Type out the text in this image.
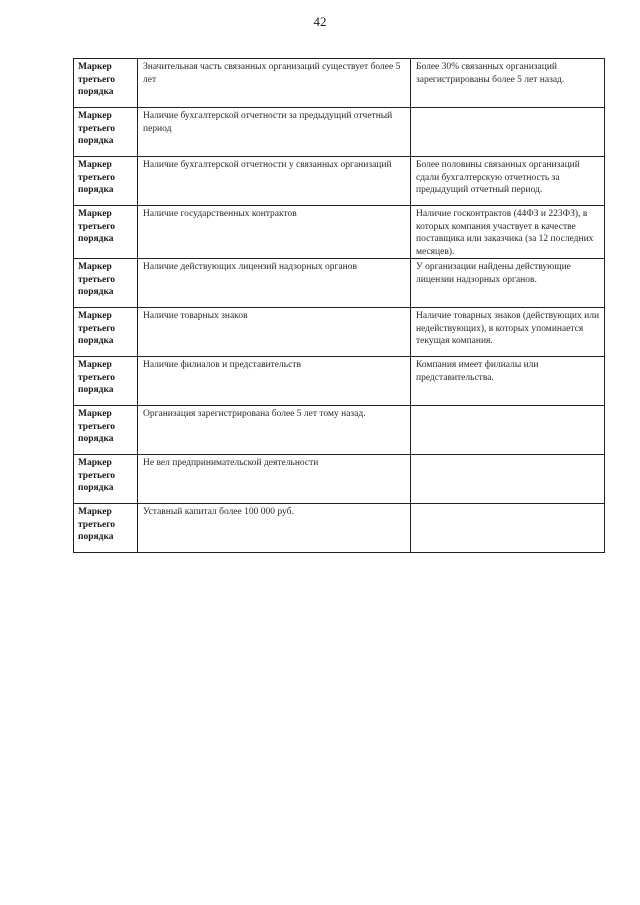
42
Маркер третьего порядка	Значительная часть связанных организаций существует более 5 лет	Более 30% связанных организаций зарегистрированы более 5 лет назад.
Маркер третьего порядка	Наличие бухгалтерской отчетности за предыдущий отчетный период	
Маркер третьего порядка	Наличие бухгалтерской отчетности у связанных организаций	Более половины связанных организаций сдали бухгалтерскую отчетность за предыдущий отчетный период.
Маркер третьего порядка	Наличие государственных контрактов	Наличие госконтрактов (44ФЗ и 223ФЗ), в которых компания участвует в качестве поставщика или заказчика (за 12 последних месяцев).
Маркер третьего порядка	Наличие действующих лицензий надзорных органов	У организации найдены действующие лицензии надзорных органов.
Маркер третьего порядка	Наличие товарных знаков	Наличие товарных знаков (действующих или недействующих), в которых упоминается текущая компания.
Маркер третьего порядка	Наличие филиалов и представительств	Компания имеет филиалы или представительства.
Маркер третьего порядка	Организация зарегистрирована более 5 лет тому назад.	
Маркер третьего порядка	Не вел предпринимательской деятельности	
Маркер третьего порядка	Уставный капитал более 100 000 руб.	
